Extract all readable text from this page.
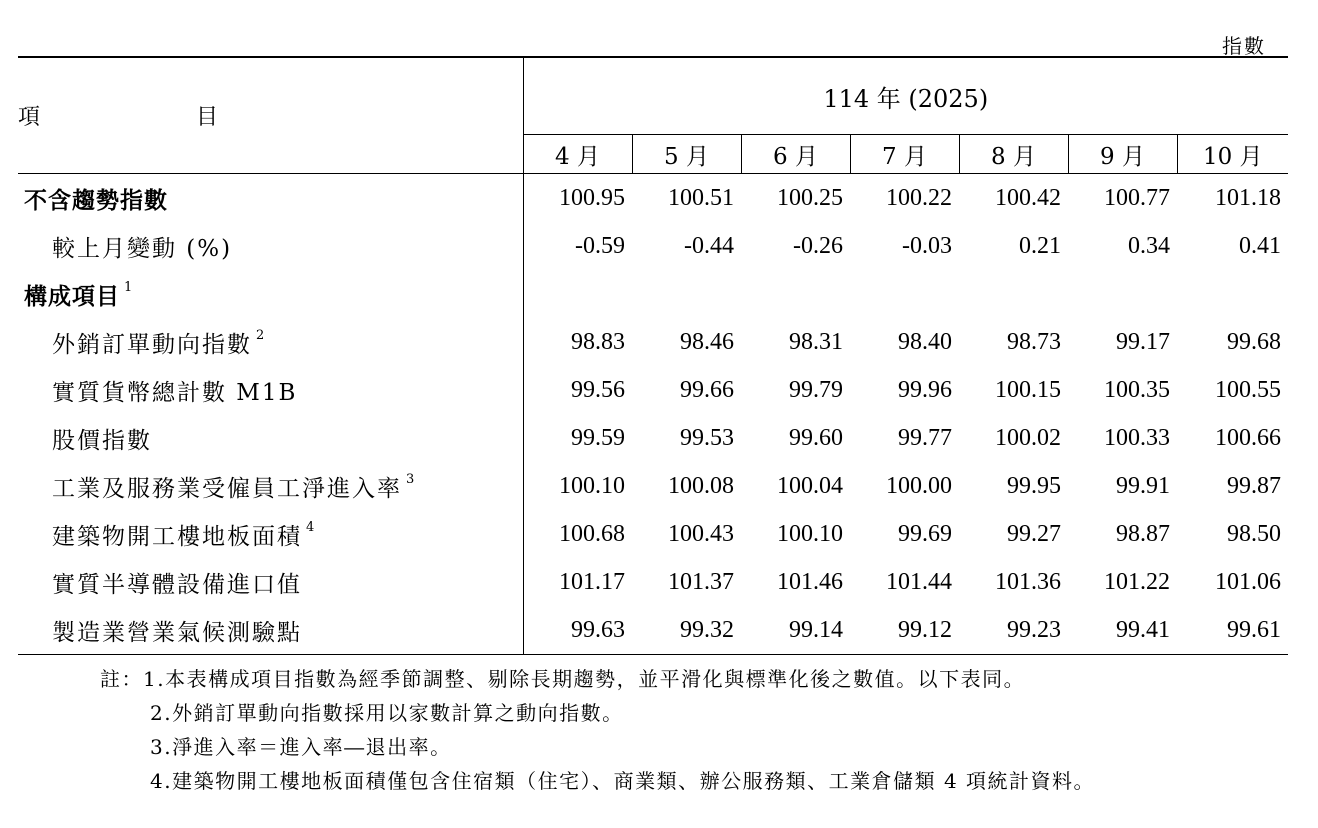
指數
項 目	114 年 (2025)						
	4 月	5 月	6 月	7 月	8 月	9 月	10 月
不含趨勢指數	100.95	100.51	100.25	100.22	100.42	100.77	101.18
較上月變動 (%)	-0.59	-0.44	-0.26	-0.03	0.21	0.34	0.41
構成項目 $^1$							
外銷訂單動向指數 $^2$	98.83	98.46	98.31	98.40	98.73	99.17	99.68
實質貨幣總計數 M1B	99.56	99.66	99.79	99.96	100.15	100.35	100.55
股價指數	99.59	99.53	99.60	99.77	100.02	100.33	100.66
工業及服務業受僱員工淨進入率 $^3$	100.10	100.08	100.04	100.00	99.95	99.91	99.87
建築物開工樓地板面積 $^4$	100.68	100.43	100.10	99.69	99.27	98.87	98.50
實質半導體設備進口值	101.17	101.37	101.46	101.44	101.36	101.22	101.06
製造業營業氣候測驗點	99.63	99.32	99.14	99.12	99.23	99.41	99.61
註：1.本表構成項目指數為經季節調整、剔除長期趨勢，並平滑化與標準化後之數值。以下表同。
2.外銷訂單動向指數採用以家數計算之動向指數。
3.淨進入率＝進入率―退出率。
4.建築物開工樓地板面積僅包含住宿類（住宅）、商業類、辦公服務類、工業倉儲類 4 項統計資料。
